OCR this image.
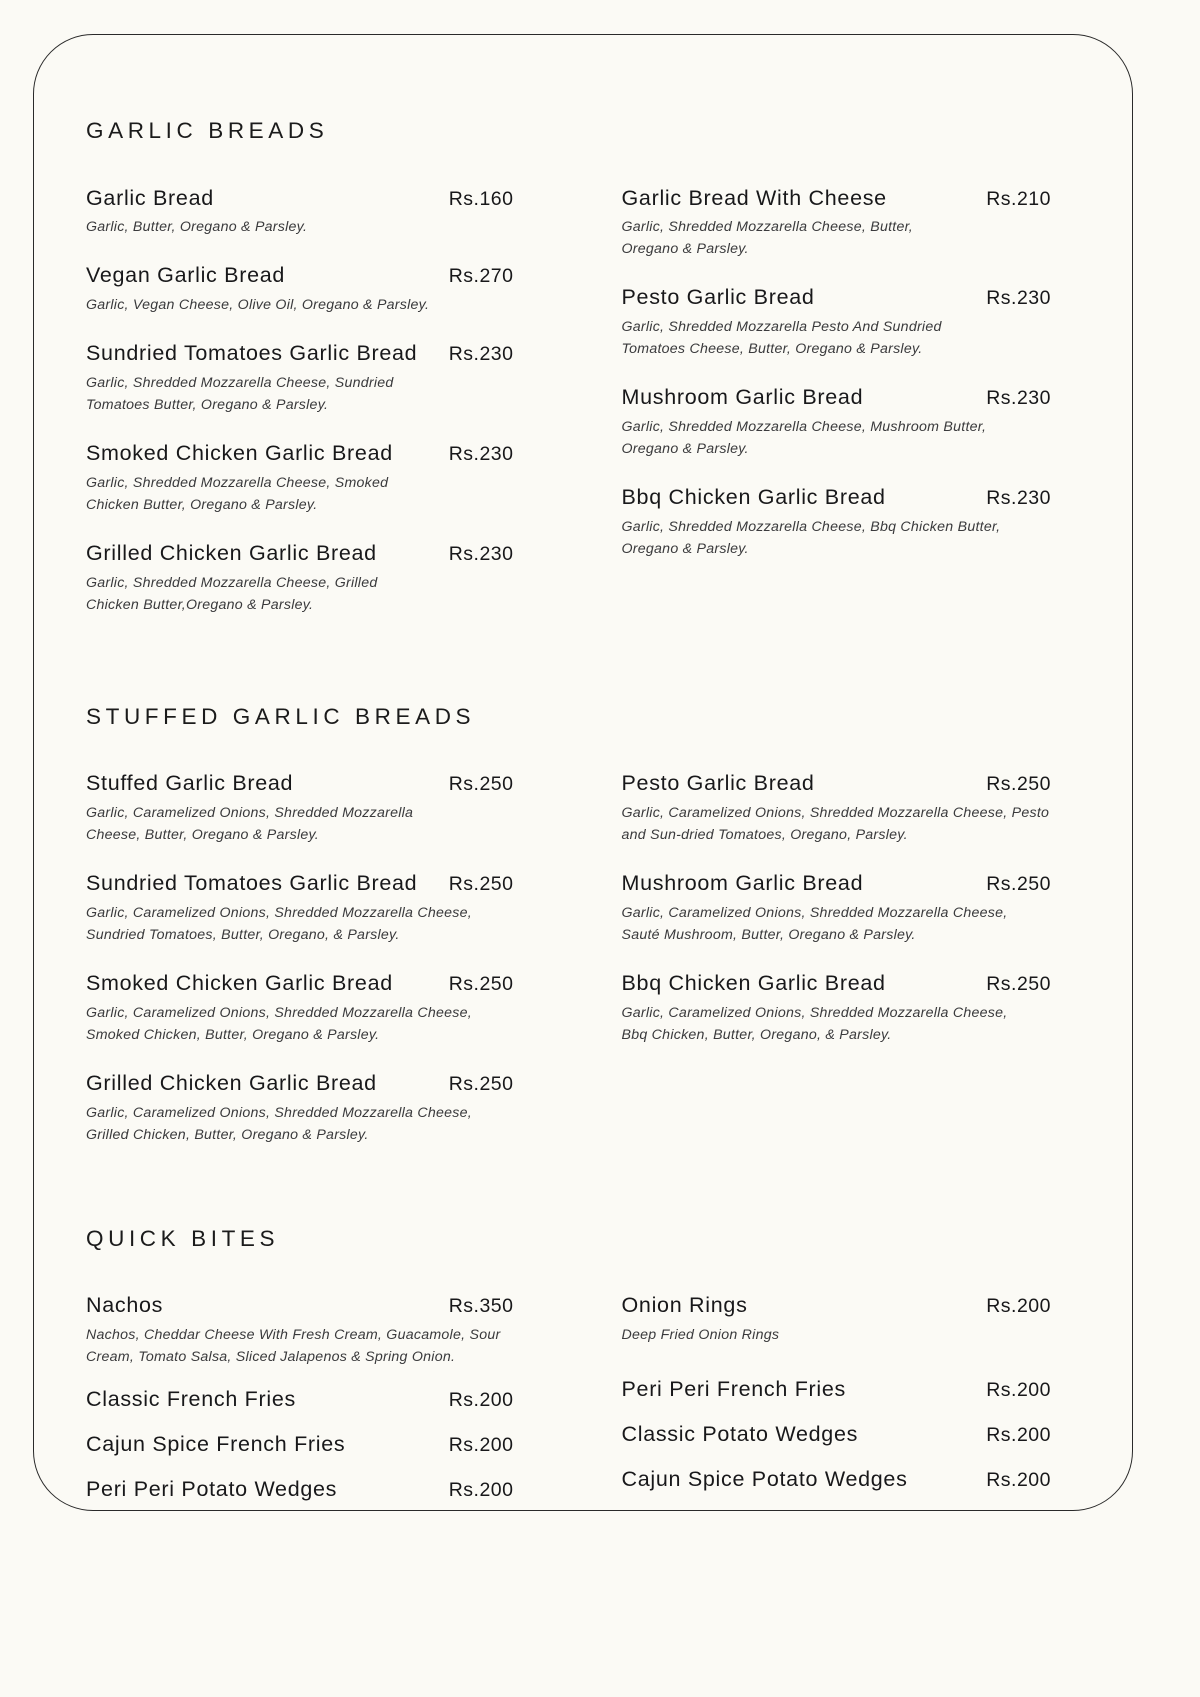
GARLIC BREADS
Garlic Bread	Rs.160
Garlic, Butter, Oregano & Parsley.
Vegan Garlic Bread	Rs.270
Garlic, Vegan Cheese, Olive Oil, Oregano & Parsley.
Sundried Tomatoes Garlic Bread Rs.230
Garlic, Shredded Mozzarella Cheese, Sundried Tomatoes Butter, Oregano & Parsley.
Smoked Chicken Garlic Bread	Rs.230
Garlic, Shredded Mozzarella Cheese, Smoked Chicken Butter, Oregano & Parsley.
Grilled Chicken Garlic Bread	Rs.230
Garlic, Shredded Mozzarella Cheese, Grilled Chicken Butter,Oregano & Parsley.
Garlic Bread With Cheese	Rs.210
Garlic, Shredded Mozzarella Cheese, Butter, Oregano & Parsley.
Pesto Garlic Bread	Rs.230
Garlic, Shredded Mozzarella Pesto And Sundried Tomatoes Cheese, Butter, Oregano & Parsley.
Mushroom Garlic Bread	Rs.230
Garlic, Shredded Mozzarella Cheese, Mushroom Butter, Oregano & Parsley.
Bbq Chicken Garlic Bread	Rs.230
Garlic, Shredded Mozzarella Cheese, Bbq Chicken Butter, Oregano & Parsley.
STUFFED GARLIC BREADS
Stuffed Garlic Bread	Rs.250
Garlic, Caramelized Onions, Shredded Mozzarella Cheese, Butter, Oregano & Parsley.
Sundried Tomatoes Garlic Bread Rs.250
Garlic, Caramelized Onions, Shredded Mozzarella Cheese, Sundried Tomatoes, Butter, Oregano, & Parsley.
Smoked Chicken Garlic Bread	Rs.250
Garlic, Caramelized Onions, Shredded Mozzarella Cheese, Smoked Chicken, Butter, Oregano & Parsley.
Grilled Chicken Garlic Bread	Rs.250
Garlic, Caramelized Onions, Shredded Mozzarella Cheese, Grilled Chicken, Butter, Oregano & Parsley.
Pesto Garlic Bread	Rs.250
Garlic, Caramelized Onions, Shredded Mozzarella Cheese, Pesto and Sun-dried Tomatoes, Oregano, Parsley.
Mushroom Garlic Bread	Rs.250
Garlic, Caramelized Onions, Shredded Mozzarella Cheese, Sauté Mushroom, Butter, Oregano & Parsley.
Bbq Chicken Garlic Bread	Rs.250
Garlic, Caramelized Onions, Shredded Mozzarella Cheese, Bbq Chicken, Butter, Oregano, & Parsley.
QUICK BITES
Nachos	Rs.350
Nachos, Cheddar Cheese With Fresh Cream, Guacamole, Sour Cream, Tomato Salsa, Sliced Jalapenos & Spring Onion.
Classic French Fries	Rs.200
Cajun Spice French Fries	Rs.200
Peri Peri Potato Wedges	Rs.200
Onion Rings	Rs.200
Deep Fried Onion Rings
Peri Peri French Fries	Rs.200
Classic Potato Wedges	Rs.200
Cajun Spice Potato Wedges	Rs.200
